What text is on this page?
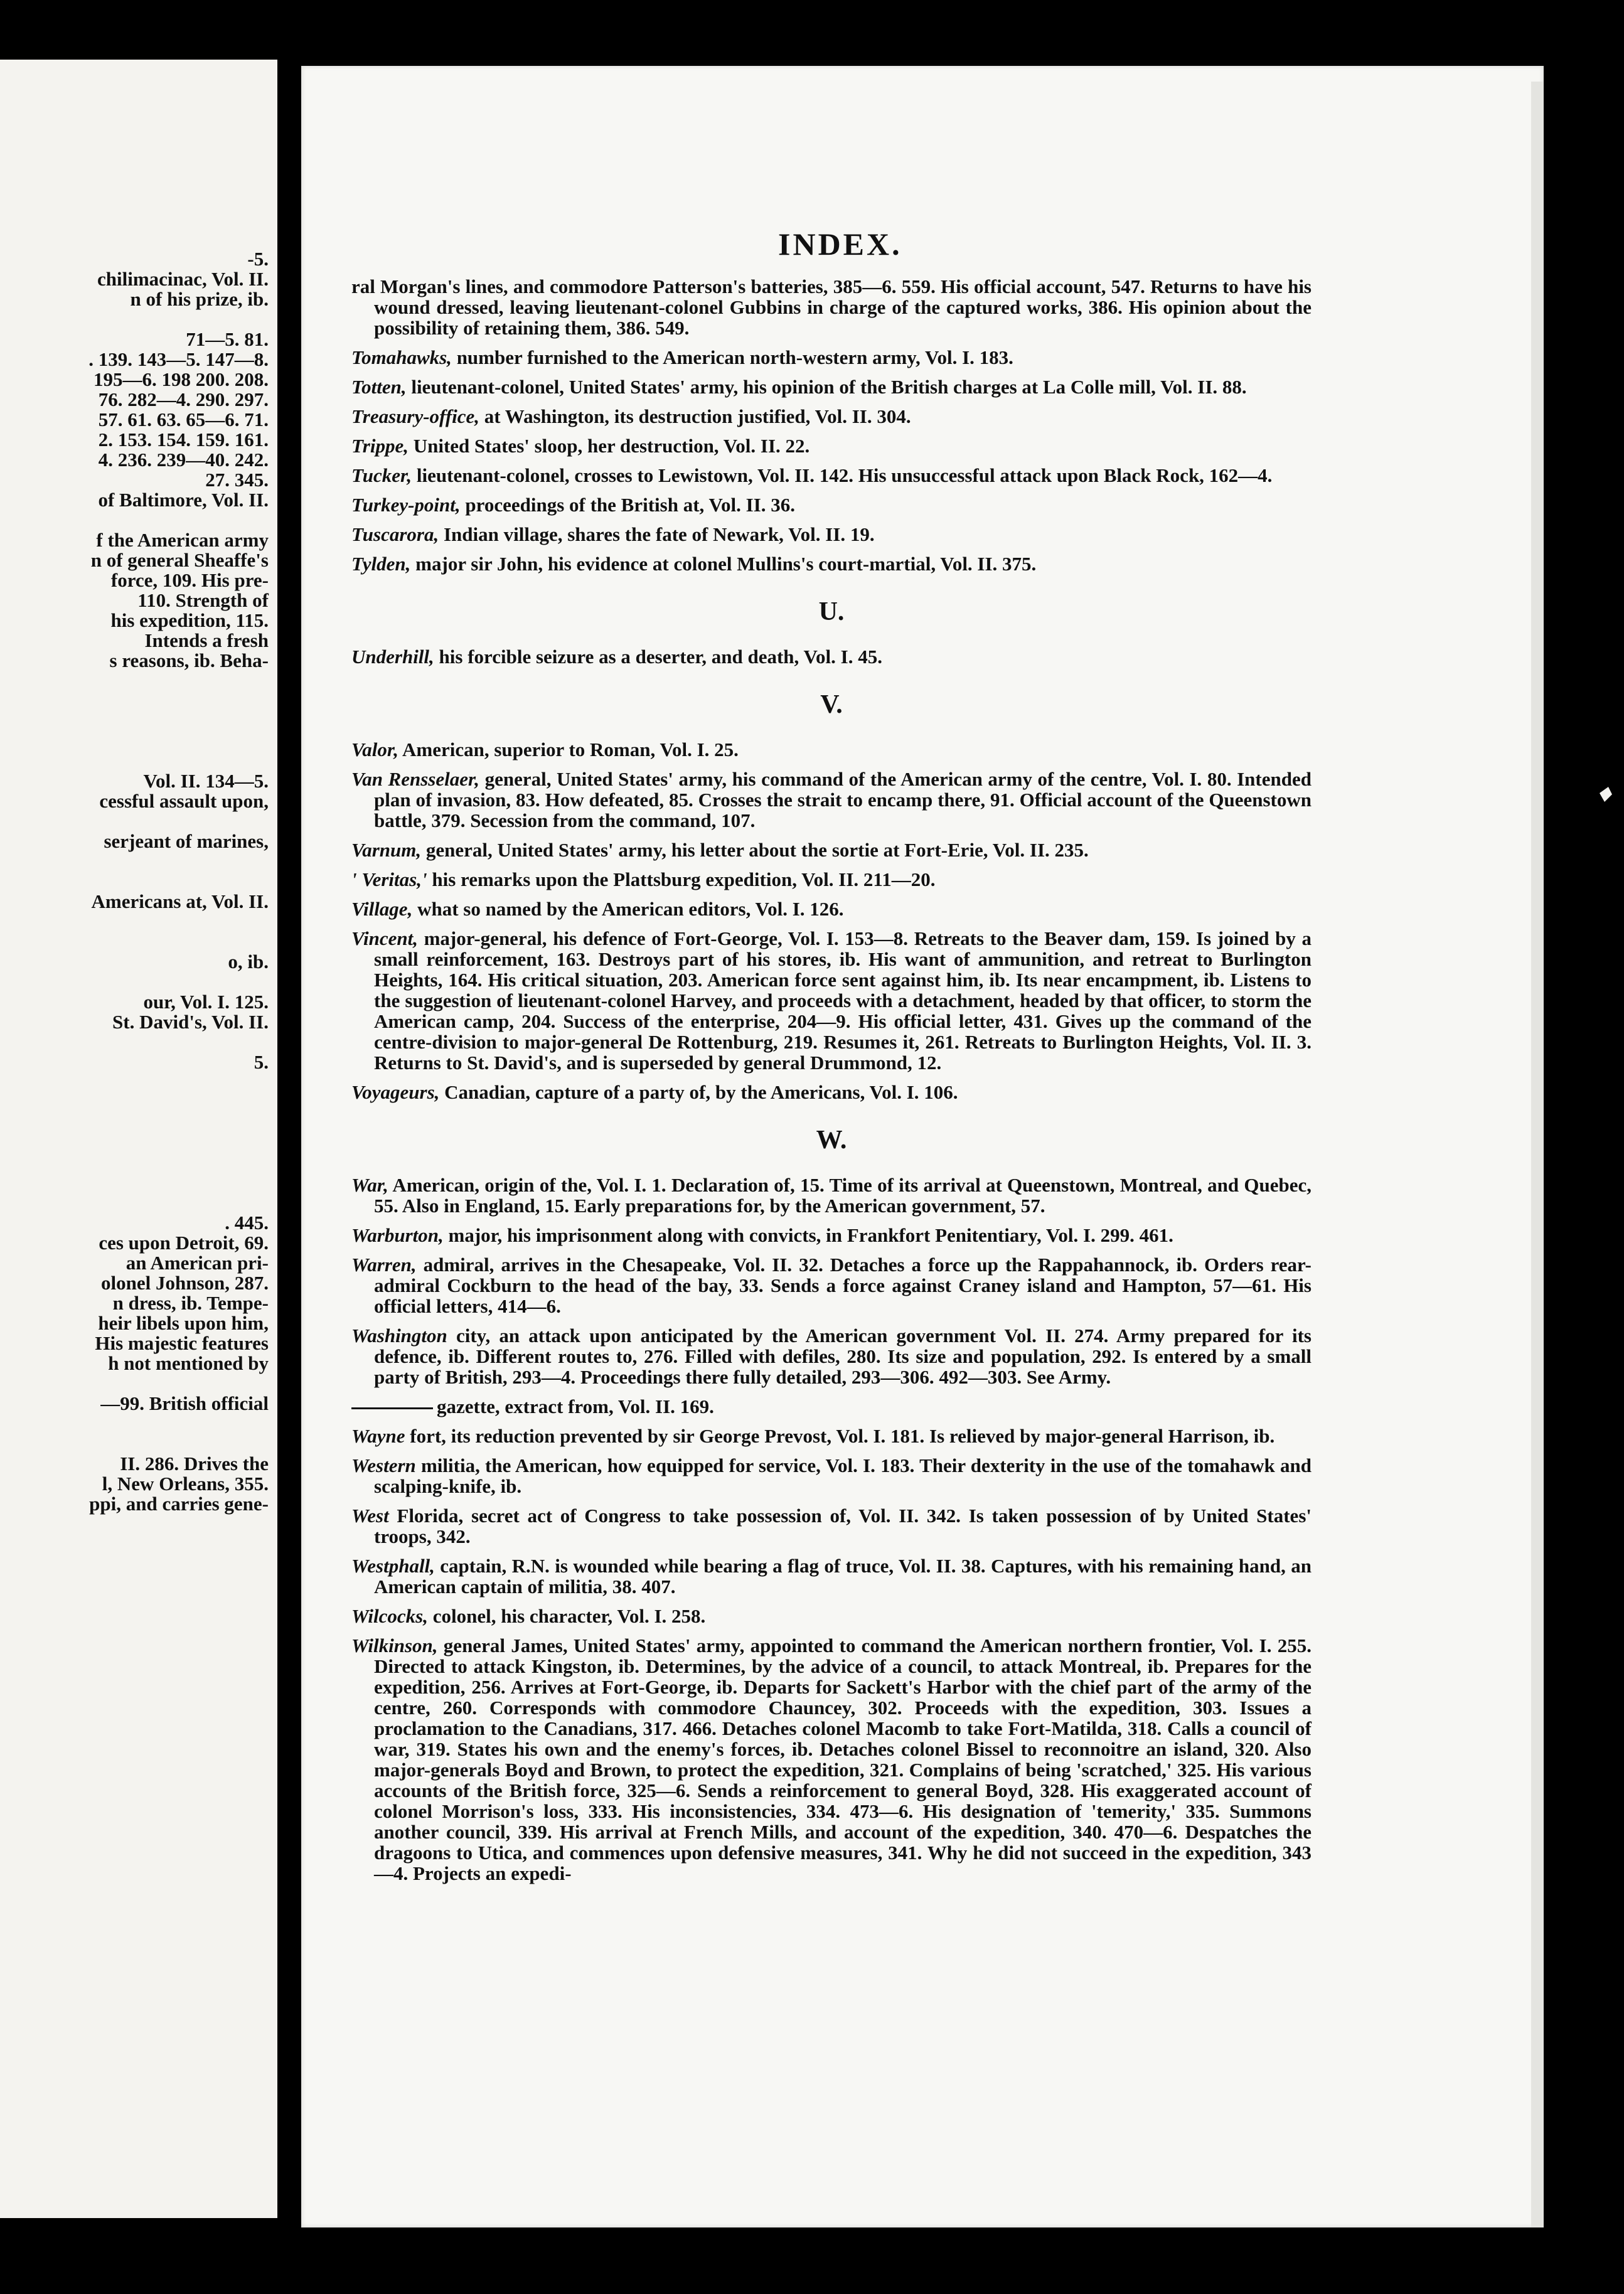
-5.
chilimacinac, Vol. II.
n of his prize, ib.
71—5. 81.
. 139. 143—5. 147—8.
195—6. 198 200. 208.
76. 282—4. 290. 297.
57. 61. 63. 65—6. 71.
2. 153. 154. 159. 161.
4. 236. 239—40. 242.
27. 345.
of Baltimore, Vol. II.
f the American army
n of general Sheaffe's
force, 109. His pre-
110. Strength of
his expedition, 115.
Intends a fresh
s reasons, ib. Beha-
Vol. II. 134—5.
cessful assault upon,
serjeant of marines,
Americans at, Vol. II.
o, ib.
our, Vol. I. 125.
St. David's, Vol. II.
5.
. 445.
ces upon Detroit, 69.
an American pri-
olonel Johnson, 287.
n dress, ib. Tempe-
heir libels upon him,
His majestic features
h not mentioned by
—99. British official
II. 286. Drives the
l, New Orleans, 355.
ppi, and carries gene-
INDEX.
ral Morgan's lines, and commodore Patterson's batteries, 385—6. 559. His official account, 547. Returns to have his wound dressed, leaving lieutenant-colonel Gubbins in charge of the captured works, 386. His opinion about the possibility of retaining them, 386. 549.
Tomahawks, number furnished to the American north-western army, Vol. I. 183.
Totten, lieutenant-colonel, United States' army, his opinion of the British charges at La Colle mill, Vol. II. 88.
Treasury-office, at Washington, its destruction justified, Vol. II. 304.
Trippe, United States' sloop, her destruction, Vol. II. 22.
Tucker, lieutenant-colonel, crosses to Lewistown, Vol. II. 142. His unsuccessful attack upon Black Rock, 162—4.
Turkey-point, proceedings of the British at, Vol. II. 36.
Tuscarora, Indian village, shares the fate of Newark, Vol. II. 19.
Tylden, major sir John, his evidence at colonel Mullins's court-martial, Vol. II. 375.
U.
Underhill, his forcible seizure as a deserter, and death, Vol. I. 45.
V.
Valor, American, superior to Roman, Vol. I. 25.
Van Rensselaer, general, United States' army, his command of the American army of the centre, Vol. I. 80. Intended plan of invasion, 83. How defeated, 85. Crosses the strait to encamp there, 91. Official account of the Queenstown battle, 379. Secession from the command, 107.
Varnum, general, United States' army, his letter about the sortie at Fort-Erie, Vol. II. 235.
' Veritas,' his remarks upon the Plattsburg expedition, Vol. II. 211—20.
Village, what so named by the American editors, Vol. I. 126.
Vincent, major-general, his defence of Fort-George, Vol. I. 153—8. Retreats to the Beaver dam, 159. Is joined by a small reinforcement, 163. Destroys part of his stores, ib. His want of ammunition, and retreat to Burlington Heights, 164. His critical situation, 203. American force sent against him, ib. Its near encampment, ib. Listens to the suggestion of lieutenant-colonel Harvey, and proceeds with a detachment, headed by that officer, to storm the American camp, 204. Success of the enterprise, 204—9. His official letter, 431. Gives up the command of the centre-division to major-general De Rottenburg, 219. Resumes it, 261. Retreats to Burlington Heights, Vol. II. 3. Returns to St. David's, and is superseded by general Drummond, 12.
Voyageurs, Canadian, capture of a party of, by the Americans, Vol. I. 106.
W.
War, American, origin of the, Vol. I. 1. Declaration of, 15. Time of its arrival at Queenstown, Montreal, and Quebec, 55. Also in England, 15. Early preparations for, by the American government, 57.
Warburton, major, his imprisonment along with convicts, in Frankfort Penitentiary, Vol. I. 299. 461.
Warren, admiral, arrives in the Chesapeake, Vol. II. 32. Detaches a force up the Rappahannock, ib. Orders rear-admiral Cockburn to the head of the bay, 33. Sends a force against Craney island and Hampton, 57—61. His official letters, 414—6.
Washington city, an attack upon anticipated by the American government Vol. II. 274. Army prepared for its defence, ib. Different routes to, 276. Filled with defiles, 280. Its size and population, 292. Is entered by a small party of British, 293—4. Proceedings there fully detailed, 293—306. 492—303. See Army.
gazette, extract from, Vol. II. 169.
Wayne fort, its reduction prevented by sir George Prevost, Vol. I. 181. Is relieved by major-general Harrison, ib.
Western militia, the American, how equipped for service, Vol. I. 183. Their dexterity in the use of the tomahawk and scalping-knife, ib.
West Florida, secret act of Congress to take possession of, Vol. II. 342. Is taken possession of by United States' troops, 342.
Westphall, captain, R.N. is wounded while bearing a flag of truce, Vol. II. 38. Captures, with his remaining hand, an American captain of militia, 38. 407.
Wilcocks, colonel, his character, Vol. I. 258.
Wilkinson, general James, United States' army, appointed to command the American northern frontier, Vol. I. 255. Directed to attack Kingston, ib. Determines, by the advice of a council, to attack Montreal, ib. Prepares for the expedition, 256. Arrives at Fort-George, ib. Departs for Sackett's Harbor with the chief part of the army of the centre, 260. Corresponds with commodore Chauncey, 302. Proceeds with the expedition, 303. Issues a proclamation to the Canadians, 317. 466. Detaches colonel Macomb to take Fort-Matilda, 318. Calls a council of war, 319. States his own and the enemy's forces, ib. Detaches colonel Bissel to reconnoitre an island, 320. Also major-generals Boyd and Brown, to protect the expedition, 321. Complains of being 'scratched,' 325. His various accounts of the British force, 325—6. Sends a reinforcement to general Boyd, 328. His exaggerated account of colonel Morrison's loss, 333. His inconsistencies, 334. 473—6. His designation of 'temerity,' 335. Summons another council, 339. His arrival at French Mills, and account of the expedition, 340. 470—6. Despatches the dragoons to Utica, and commences upon defensive measures, 341. Why he did not succeed in the expedition, 343—4. Projects an expedi-
